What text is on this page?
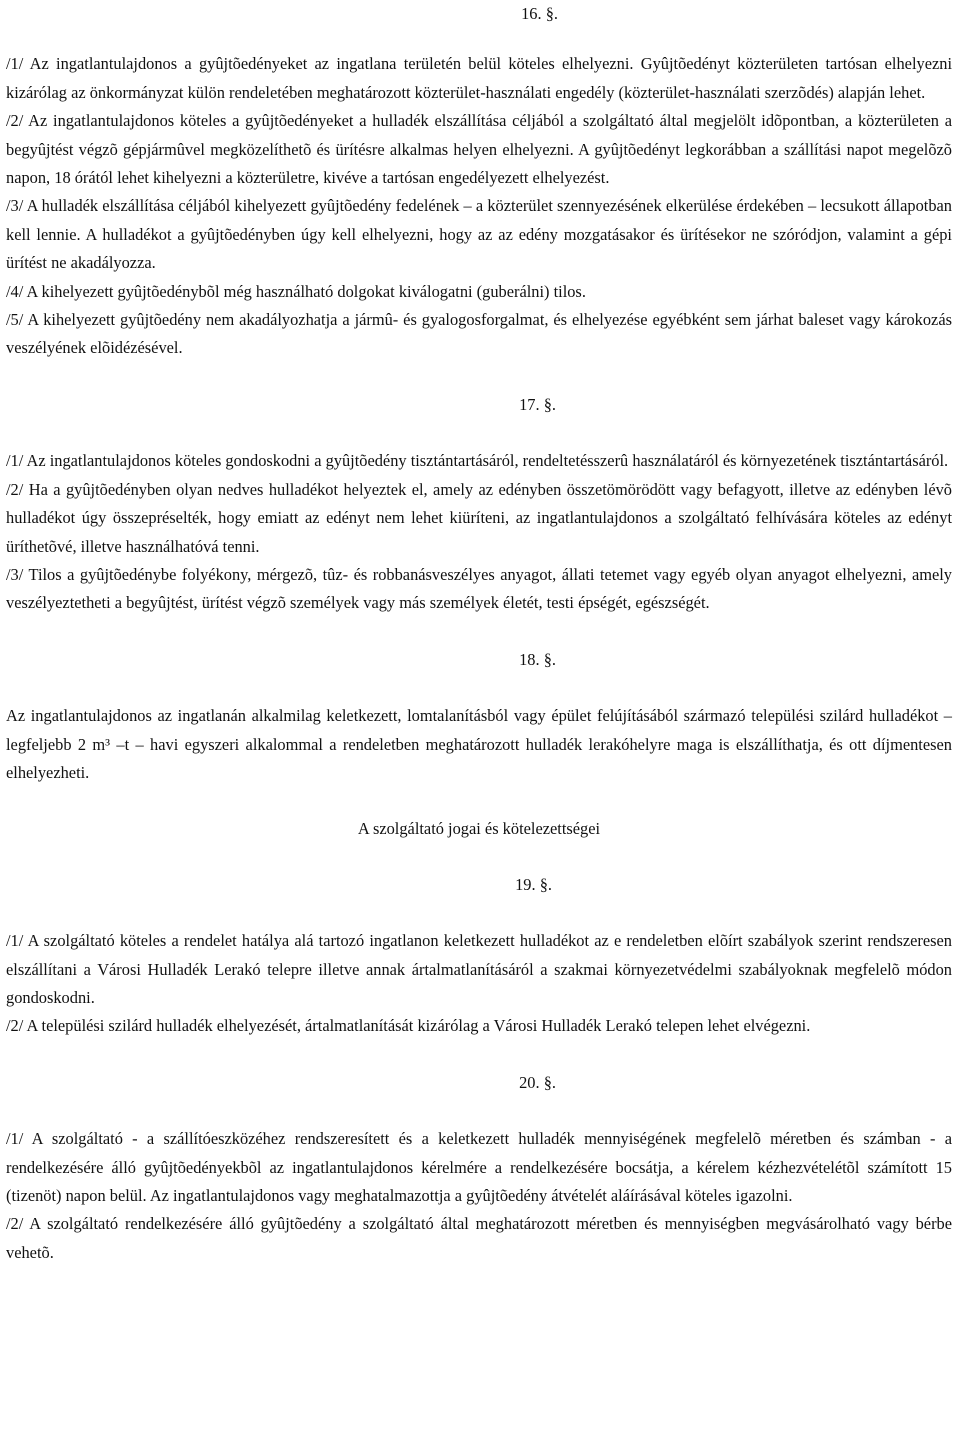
16. §.

/1/ Az ingatlantulajdonos a gyûjtõedényeket az ingatlana területén belül köteles elhelyezni. Gyûjtõedényt közterületen tartósan elhelyezni kizárólag az önkormányzat külön rendeletében meghatározott közterület-használati engedély (közterület-használati szerzõdés) alapján lehet.

/2/ Az ingatlantulajdonos köteles a gyûjtõedényeket a hulladék elszállítása céljából a szolgáltató által megjelölt idõpontban, a közterületen a begyûjtést végzõ gépjármûvel megközelíthetõ és ürítésre alkalmas helyen elhelyezni. A gyûjtõedényt legkorábban a szállítási napot megelõzõ napon, 18 órától lehet kihelyezni a közterületre, kivéve a tartósan engedélyezett elhelyezést.

/3/ A hulladék elszállítása céljából kihelyezett gyûjtõedény fedelének – a közterület szennyezésének elkerülése érdekében – lecsukott állapotban kell lennie. A hulladékot a gyûjtõedényben úgy kell elhelyezni, hogy az az edény mozgatásakor és ürítésekor ne szóródjon, valamint a gépi ürítést ne akadályozza.

/4/ A kihelyezett gyûjtõedénybõl még használható dolgokat kiválogatni (guberálni) tilos.

/5/ A kihelyezett gyûjtõedény nem akadályozhatja a jármû- és gyalogosforgalmat, és elhelyezése egyébként sem járhat baleset vagy károkozás veszélyének elõidézésével.

17. §.

/1/ Az ingatlantulajdonos köteles gondoskodni a gyûjtõedény tisztántartásáról, rendeltetésszerû használatáról és környezetének tisztántartásáról.

/2/ Ha a gyûjtõedényben olyan nedves hulladékot helyeztek el, amely az edényben összetömörödött vagy befagyott, illetve az edényben lévõ hulladékot úgy összepréselték, hogy emiatt az edényt nem lehet kiüríteni, az ingatlantulajdonos a szolgáltató felhívására köteles az edényt üríthetõvé, illetve használhatóvá tenni.

/3/ Tilos a gyûjtõedénybe folyékony, mérgezõ, tûz- és robbanásveszélyes anyagot, állati tetemet vagy egyéb olyan anyagot elhelyezni, amely veszélyeztetheti a begyûjtést, ürítést végzõ személyek vagy más személyek életét, testi épségét, egészségét.

18. §.

Az ingatlantulajdonos az ingatlanán alkalmilag keletkezett, lomtalanításból vagy épület felújításából származó települési szilárd hulladékot – legfeljebb 2 m³ –t – havi egyszeri alkalommal a rendeletben meghatározott hulladék lerakóhelyre maga is elszállíthatja, és ott díjmentesen elhelyezheti.

A szolgáltató jogai és kötelezettségei
19. §.

/1/ A szolgáltató köteles a rendelet hatálya alá tartozó ingatlanon keletkezett hulladékot az e rendeletben elõírt szabályok szerint rendszeresen elszállítani a Városi Hulladék Lerakó telepre illetve annak ártalmatlanításáról a szakmai környezetvédelmi szabályoknak megfelelõ módon gondoskodni.

/2/ A települési szilárd hulladék elhelyezését, ártalmatlanítását kizárólag a Városi Hulladék Lerakó telepen lehet elvégezni.

20. §.

/1/ A szolgáltató - a szállítóeszközéhez rendszeresített és a keletkezett hulladék mennyiségének megfelelõ méretben és számban - a rendelkezésére álló gyûjtõedényekbõl az ingatlantulajdonos kérelmére a rendelkezésére bocsátja, a kérelem kézhezvételétõl számított 15 (tizenöt) napon belül. Az ingatlantulajdonos vagy meghatalmazottja a gyûjtõedény átvételét aláírásával köteles igazolni.

/2/ A szolgáltató rendelkezésére álló gyûjtõedény a szolgáltató által meghatározott méretben és mennyiségben megvásárolható vagy bérbe vehetõ.
